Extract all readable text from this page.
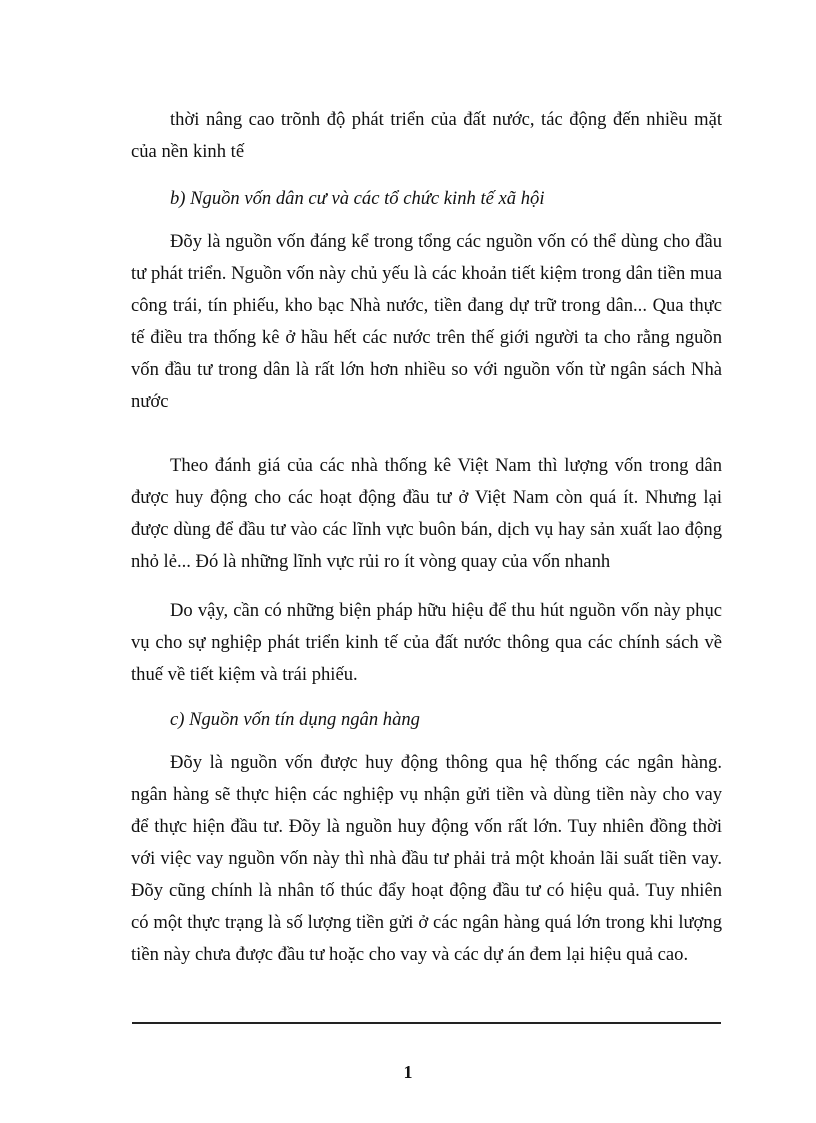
thời nâng cao trõnh độ phát triển của đất nước, tác động đến nhiều mặt của nền kinh tế

b) Nguồn vốn dân cư và các tổ chức kinh tế xã hội

Đõy là nguồn vốn đáng kể trong tổng các nguồn vốn có thể dùng cho đầu tư phát triển. Nguồn vốn này chủ yếu là các khoản tiết kiệm trong dân tiền mua công trái, tín phiếu, kho bạc Nhà nước, tiền đang dự trữ trong dân... Qua thực tế điều tra thống kê ở hầu hết các nước trên thế giới người ta cho rằng nguồn vốn đầu tư trong dân là rất lớn hơn nhiều so với nguồn vốn từ ngân sách Nhà nước

Theo đánh giá của các nhà thống kê Việt Nam thì lượng vốn trong dân được huy động cho các hoạt động đầu tư ở Việt Nam còn quá ít. Nhưng lại được dùng để đầu tư vào các lĩnh vực buôn bán, dịch vụ hay sản xuất lao động nhỏ lẻ... Đó là những lĩnh vực rủi ro ít vòng quay của vốn nhanh

Do vậy, cần có những biện pháp hữu hiệu để thu hút nguồn vốn này phục vụ cho sự nghiệp phát triển kinh tế của đất nước thông qua các chính sách về thuế về tiết kiệm và trái phiếu.

c) Nguồn vốn tín dụng ngân hàng

Đõy là nguồn vốn được huy động thông qua hệ thống các ngân hàng. ngân hàng sẽ thực hiện các nghiệp vụ nhận gửi tiền và dùng tiền này cho vay để thực hiện đầu tư. Đõy là nguồn huy động vốn rất lớn. Tuy nhiên đồng thời với việc vay nguồn vốn này thì nhà đầu tư phải trả một khoản lãi suất tiền vay. Đõy cũng chính là nhân tố thúc đẩy hoạt động đầu tư có hiệu quả. Tuy nhiên có một thực trạng là số lượng tiền gửi ở các ngân hàng quá lớn trong khi lượng tiền này chưa được đầu tư hoặc cho vay và các dự án đem lại hiệu quả cao.

1
